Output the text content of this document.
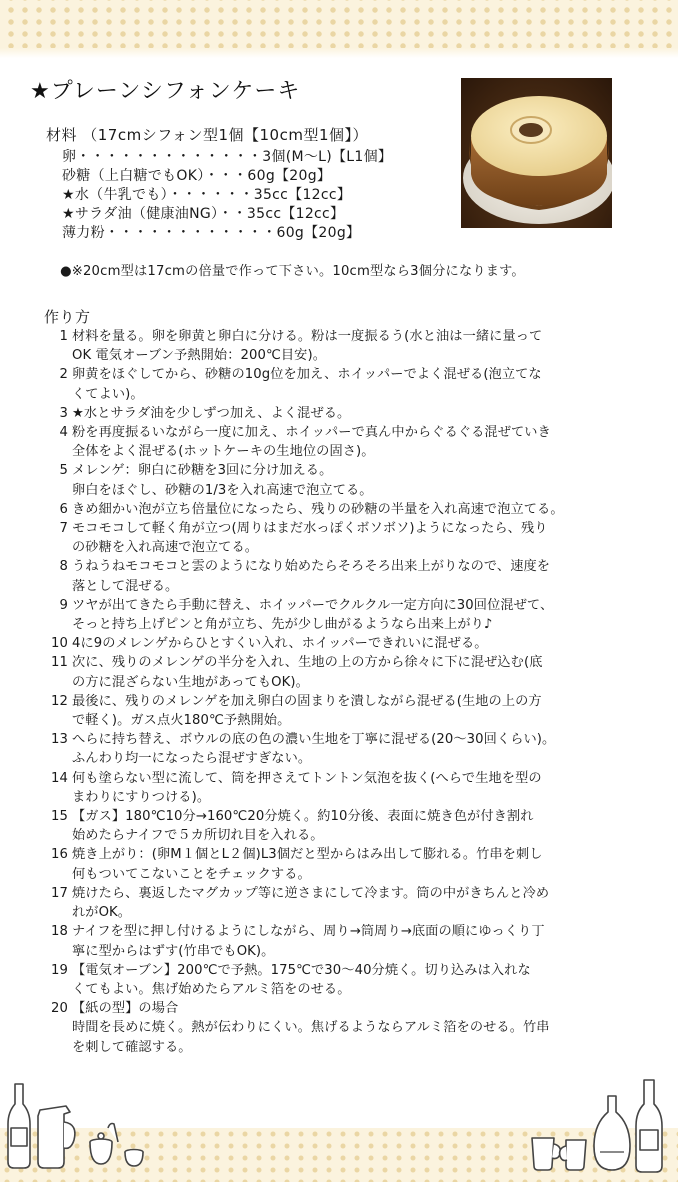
★プレーンシフォンケーキ
材料 （17cmシフォン型1個【10cm型1個】）
卵・・・・・・・・・・・・・3個(M～L)【L1個】
砂糖（上白糖でもOK）・・・60g【20g】
★水（牛乳でも）・・・・・・35cc【12cc】
★サラダ油（健康油NG）・・35cc【12cc】
薄力粉・・・・・・・・・・・・60g【20g】
●※20cm型は17cmの倍量で作って下さい。10cm型なら3個分になります。
作り方
1 材料を量る。卵を卵黄と卵白に分ける。粉は一度振るう(水と油は一緒に量って
OK 電気オーブン予熱開始：200℃目安)。
2 卵黄をほぐしてから、砂糖の10g位を加え、ホイッパーでよく混ぜる(泡立てな
くてよい)。
3 ★水とサラダ油を少しずつ加え、よく混ぜる。
4 粉を再度振るいながら一度に加え、ホイッパーで真ん中からぐるぐる混ぜていき
全体をよく混ぜる(ホットケーキの生地位の固さ)。
5 メレンゲ：卵白に砂糖を3回に分け加える。
卵白をほぐし、砂糖の1/3を入れ高速で泡立てる。
6 きめ細かい泡が立ち倍量位になったら、残りの砂糖の半量を入れ高速で泡立てる。
7 モコモコして軽く角が立つ(周りはまだ水っぽくボソボソ)ようになったら、残り
の砂糖を入れ高速で泡立てる。
8 うねうねモコモコと雲のようになり始めたらそろそろ出来上がりなので、速度を
落として混ぜる。
9 ツヤが出てきたら手動に替え、ホイッパーでクルクル一定方向に30回位混ぜて、
そっと持ち上げピンと角が立ち、先が少し曲がるようなら出来上がり♪
10 4に9のメレンゲからひとすくい入れ、ホイッパーできれいに混ぜる。
11 次に、残りのメレンゲの半分を入れ、生地の上の方から徐々に下に混ぜ込む(底
の方に混ざらない生地があってもOK)。
12 最後に、残りのメレンゲを加え卵白の固まりを潰しながら混ぜる(生地の上の方
で軽く)。ガス点火180℃予熱開始。
13 へらに持ち替え、ボウルの底の色の濃い生地を丁寧に混ぜる(20～30回くらい)。
ふんわり均一になったら混ぜすぎない。
14 何も塗らない型に流して、筒を押さえてトントン気泡を抜く(へらで生地を型の
まわりにすりつける)。
15 【ガス】180℃10分→160℃20分焼く。約10分後、表面に焼き色が付き割れ
始めたらナイフで５カ所切れ目を入れる。
16 焼き上がり：(卵M１個とL２個)L3個だと型からはみ出して膨れる。竹串を刺し
何もついてこないことをチェックする。
17 焼けたら、裏返したマグカップ等に逆さまにして冷ます。筒の中がきちんと冷め
れがOK。
18 ナイフを型に押し付けるようにしながら、周り→筒周り→底面の順にゆっくり丁
寧に型からはずす(竹串でもOK)。
19 【電気オーブン】200℃で予熱。175℃で30～40分焼く。切り込みは入れな
くてもよい。焦げ始めたらアルミ箔をのせる。
20 【紙の型】の場合
時間を長めに焼く。熱が伝わりにくい。焦げるようならアルミ箔をのせる。竹串
を刺して確認する。
